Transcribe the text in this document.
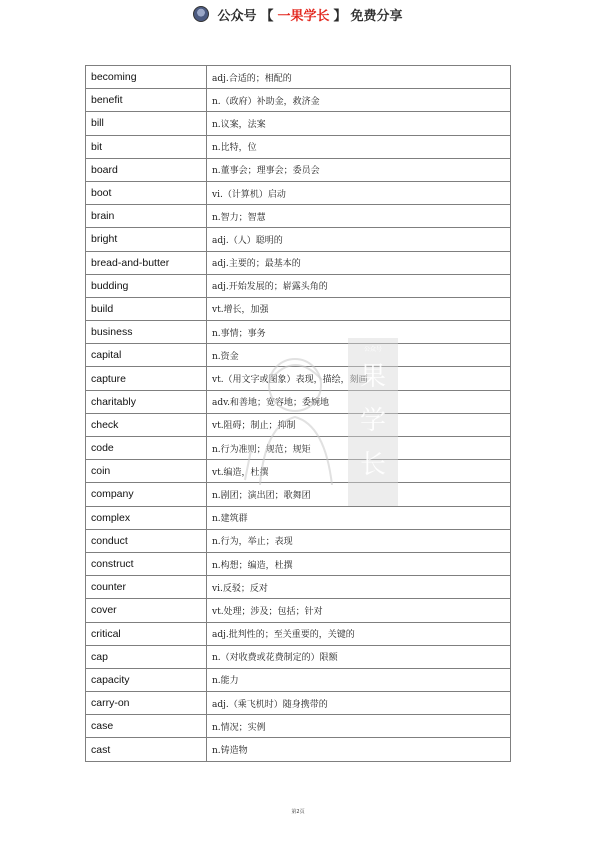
公众号 【 一果学长 】 免费分享
becoming	adj.合适的；相配的
benefit	n.（政府）补助金，救济金
bill	n.议案，法案
bit	n.比特，位
board	n.董事会；理事会；委员会
boot	vi.（计算机）启动
brain	n.智力；智慧
bright	adj.（人）聪明的
bread-and-butter	adj.主要的；最基本的
budding	adj.开始发展的；崭露头角的
build	vt.增长，加强
business	n.事情；事务
capital	n.资金
capture	vt.（用文字或图象）表现，描绘，刻画
charitably	adv.和善地；宽容地；委婉地
check	vt.阻碍；制止；抑制
code	n.行为准则；规范；规矩
coin	vt.编造，杜撰
company	n.剧团；演出团；歌舞团
complex	n.建筑群
conduct	n.行为，举止；表现
construct	n.构想；编造，杜撰
counter	vi.反驳；反对
cover	vt.处理；涉及；包括；针对
critical	adj.批判性的；至关重要的，关键的
cap	n.（对收费或花费制定的）限额
capacity	n.能力
carry-on	adj.（乘飞机时）随身携带的
case	n.情况；实例
cast	n.铸造物
公众号
果
学
长
第2页
